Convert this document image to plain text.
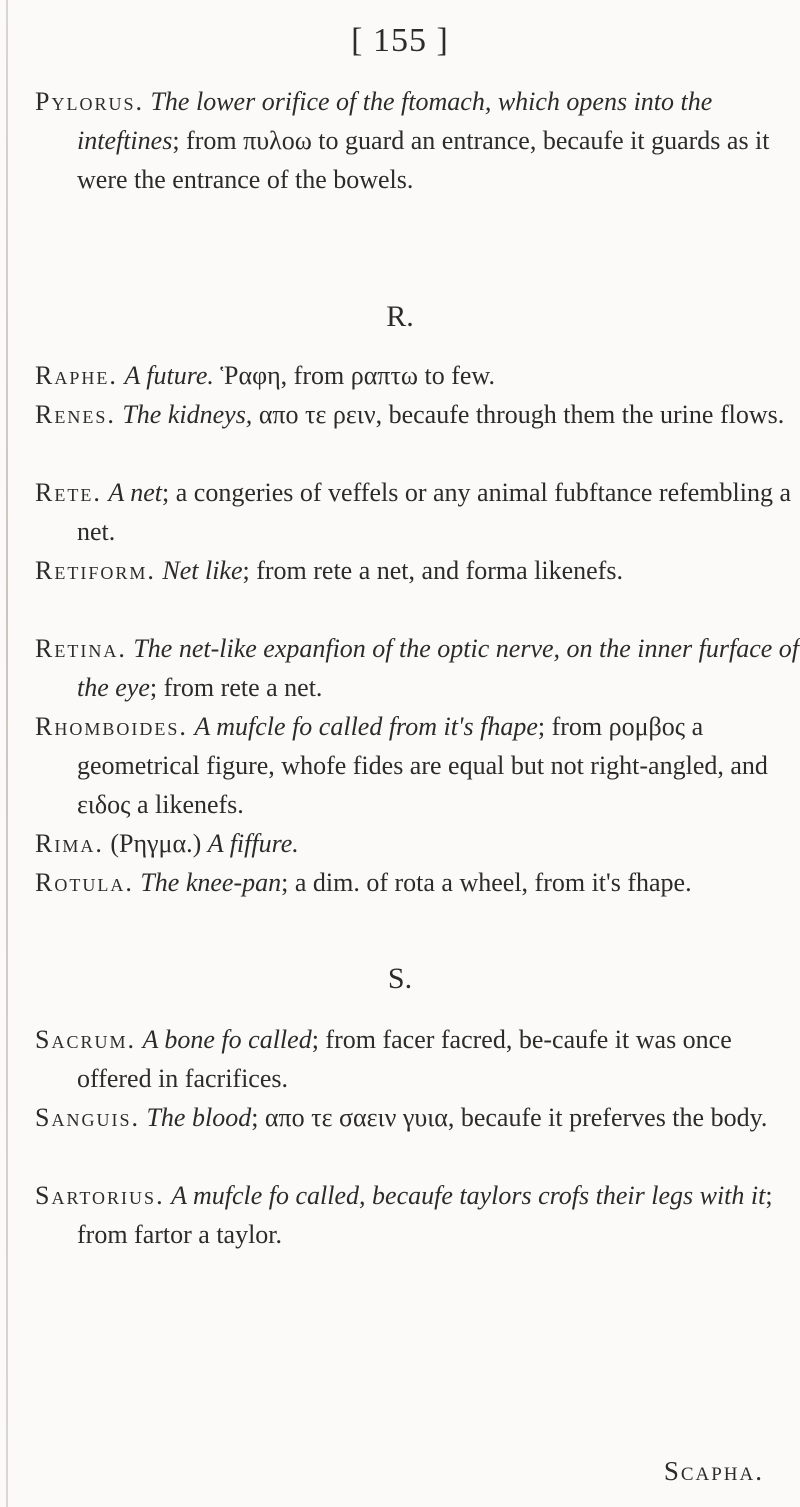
[ 155 ]
Pylorus. The lower orifice of the ftomach, which opens into the inteftines; from πυλοω to guard an entrance, becaufe it guards as it were the entrance of the bowels.
R.
Raphe. A future. Ῥαφη, from ραπτω to few.
Renes. The kidneys, απο τε ρειν, becaufe through them the urine flows.
Rete. A net; a congeries of veffels or any animal fubftance refembling a net.
Retiform. Net like; from rete a net, and forma likenefs.
Retina. The net-like expanfion of the optic nerve, on the inner furface of the eye; from rete a net.
Rhomboides. A mufcle fo called from it's fhape; from ρομβος a geometrical figure, whofe fides are equal but not right-angled, and ειδος a likenefs.
Rima. (Ρηγμα.) A fiffure.
Rotula. The knee-pan; a dim. of rota a wheel, from it's fhape.
S.
Sacrum. A bone fo called; from facer facred, be-caufe it was once offered in facrifices.
Sanguis. The blood; απο τε σαειν γυια, becaufe it preferves the body.
Sartorius. A mufcle fo called, becaufe taylors crofs their legs with it; from fartor a taylor.
Scapha.
